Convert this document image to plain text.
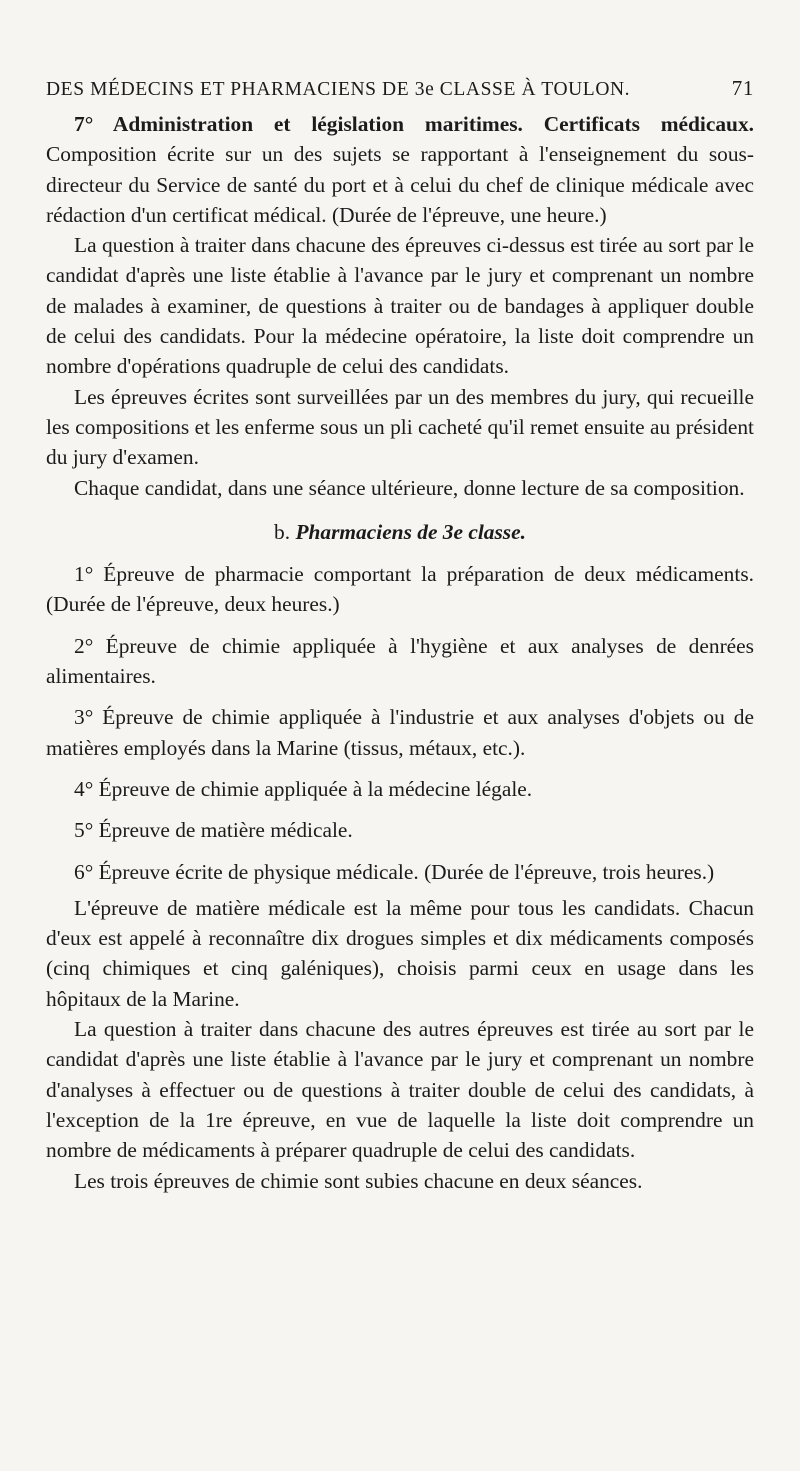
DES MÉDECINS ET PHARMACIENS DE 3e CLASSE À TOULON.	71

7° Administration et législation maritimes. Certificats médicaux. Composition écrite sur un des sujets se rapportant à l'enseignement du sous-directeur du Service de santé du port et à celui du chef de clinique médicale avec rédaction d'un certificat médical. (Durée de l'épreuve, une heure.)

La question à traiter dans chacune des épreuves ci-dessus est tirée au sort par le candidat d'après une liste établie à l'avance par le jury et comprenant un nombre de malades à examiner, de questions à traiter ou de bandages à appliquer double de celui des candidats. Pour la médecine opératoire, la liste doit comprendre un nombre d'opérations quadruple de celui des candidats.

Les épreuves écrites sont surveillées par un des membres du jury, qui recueille les compositions et les enferme sous un pli cacheté qu'il remet ensuite au président du jury d'examen.

Chaque candidat, dans une séance ultérieure, donne lecture de sa composition.

b. Pharmaciens de 3e classe.

1° Épreuve de pharmacie comportant la préparation de deux médicaments. (Durée de l'épreuve, deux heures.)

2° Épreuve de chimie appliquée à l'hygiène et aux analyses de denrées alimentaires.

3° Épreuve de chimie appliquée à l'industrie et aux analyses d'objets ou de matières employés dans la Marine (tissus, métaux, etc.).

4° Épreuve de chimie appliquée à la médecine légale.

5° Épreuve de matière médicale.

6° Épreuve écrite de physique médicale. (Durée de l'épreuve, trois heures.)

L'épreuve de matière médicale est la même pour tous les candidats. Chacun d'eux est appelé à reconnaître dix drogues simples et dix médicaments composés (cinq chimiques et cinq galéniques), choisis parmi ceux en usage dans les hôpitaux de la Marine.

La question à traiter dans chacune des autres épreuves est tirée au sort par le candidat d'après une liste établie à l'avance par le jury et comprenant un nombre d'analyses à effectuer ou de questions à traiter double de celui des candidats, à l'exception de la 1re épreuve, en vue de laquelle la liste doit comprendre un nombre de médicaments à préparer quadruple de celui des candidats.

Les trois épreuves de chimie sont subies chacune en deux séances.
